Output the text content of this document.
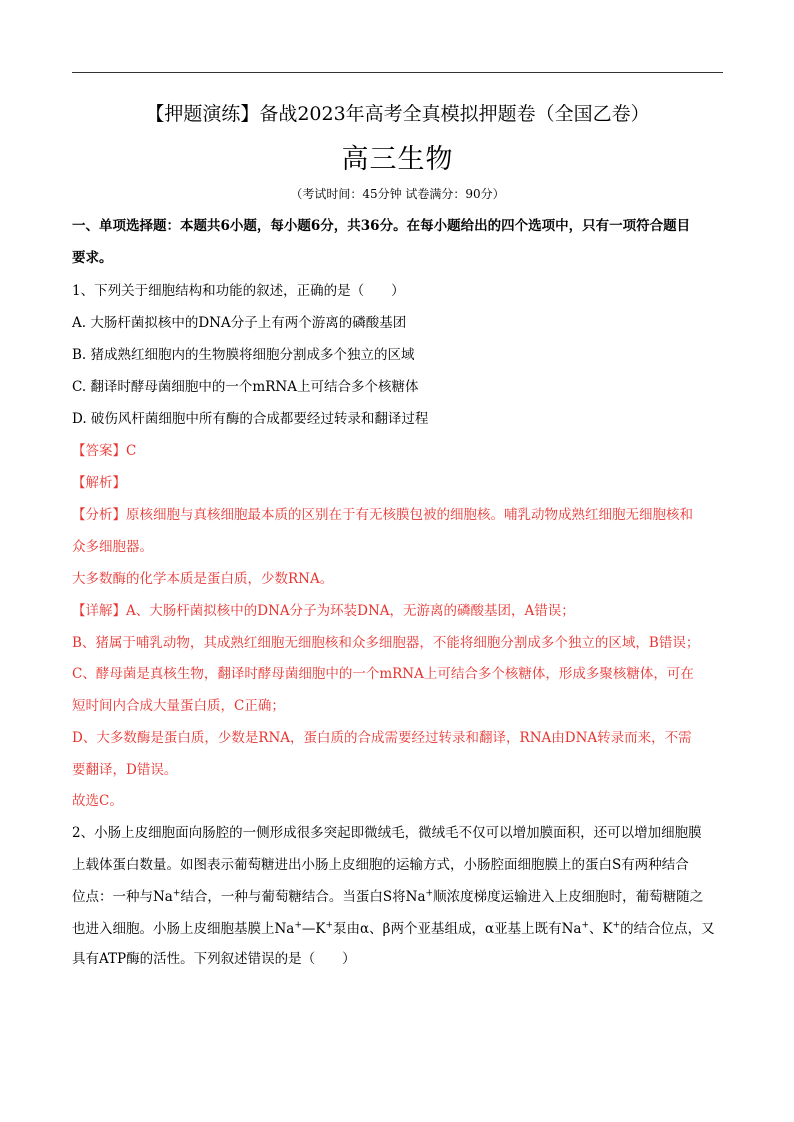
【押题演练】备战2023年高考全真模拟押题卷（全国乙卷）
高三生物
（考试时间：45分钟 试卷满分：90分）
一、单项选择题：本题共6小题，每小题6分，共36分。在每小题给出的四个选项中，只有一项符合题目
要求。
1、下列关于细胞结构和功能的叙述，正确的是（　　）
A. 大肠杆菌拟核中的DNA分子上有两个游离的磷酸基团
B. 猪成熟红细胞内的生物膜将细胞分割成多个独立的区域
C. 翻译时酵母菌细胞中的一个mRNA上可结合多个核糖体
D. 破伤风杆菌细胞中所有酶的合成都要经过转录和翻译过程
【答案】C
【解析】
【分析】原核细胞与真核细胞最本质的区别在于有无核膜包被的细胞核。哺乳动物成熟红细胞无细胞核和
众多细胞器。
大多数酶的化学本质是蛋白质，少数RNA。
【详解】A、大肠杆菌拟核中的DNA分子为环装DNA，无游离的磷酸基团，A错误；
B、猪属于哺乳动物，其成熟红细胞无细胞核和众多细胞器，不能将细胞分割成多个独立的区域，B错误；
C、酵母菌是真核生物，翻译时酵母菌细胞中的一个mRNA上可结合多个核糖体，形成多聚核糖体，可在
短时间内合成大量蛋白质，C正确；
D、大多数酶是蛋白质，少数是RNA，蛋白质的合成需要经过转录和翻译，RNA由DNA转录而来，不需
要翻译，D错误。
故选C。
2、小肠上皮细胞面向肠腔的一侧形成很多突起即微绒毛，微绒毛不仅可以增加膜面积，还可以增加细胞膜
上载体蛋白数量。如图表示葡萄糖进出小肠上皮细胞的运输方式，小肠腔面细胞膜上的蛋白S有两种结合
位点：一种与Na+结合，一种与葡萄糖结合。当蛋白S将Na+顺浓度梯度运输进入上皮细胞时，葡萄糖随之
也进入细胞。小肠上皮细胞基膜上Na+—K+泵由α、β两个亚基组成，α亚基上既有Na+、K+的结合位点，又
具有ATP酶的活性。下列叙述错误的是（　　）
